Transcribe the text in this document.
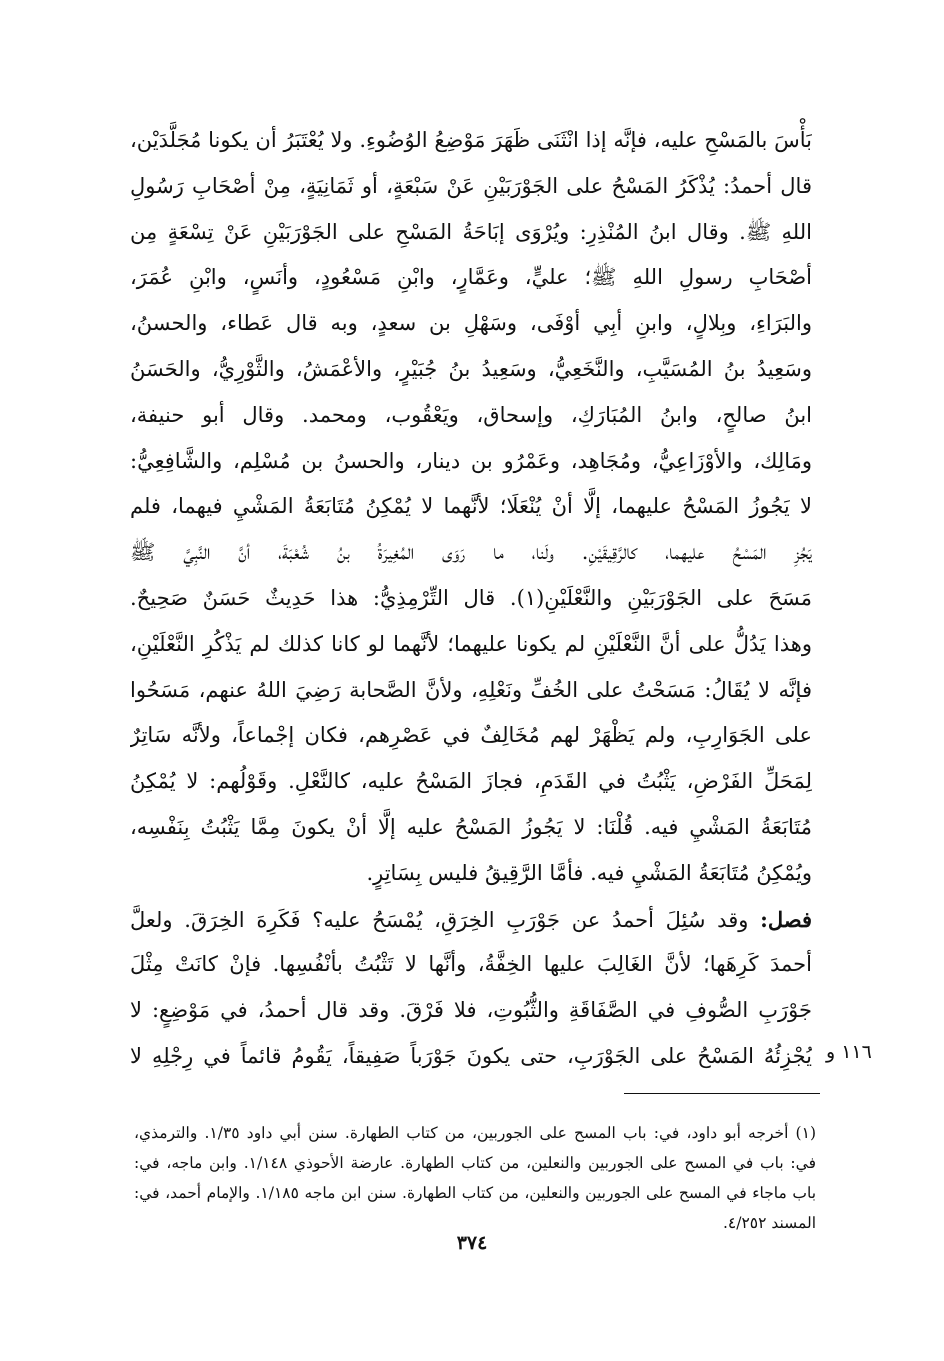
بَأْسَ بالمَسْحِ عليه، فإنَّه إذا انْثَنَى ظَهَرَ مَوْضِعُ الوُضُوءِ. ولا يُعْتَبَرُ أن يكونا مُجَلَّدَيْن،
قال أحمدُ: يُذْكَرُ المَسْحُ على الجَوْرَبَيْنِ عَنْ سَبْعَةٍ، أو ثَمَانِيَةٍ، مِنْ أصْحَابِ رَسُولِ
اللهِ ﷺ. وقال ابنُ المُنْذِرِ: ويُرْوَى إبَاحَةُ المَسْحِ على الجَوْرَبَيْنِ عَنْ تِسْعَةٍ مِن
أصْحَابِ رسولِ اللهِ ﷺ؛ عليٍّ، وعَمَّارٍ، وابْنِ مَسْعُودٍ، وأنَسٍ، وابْنِ عُمَرَ،
والبَرَاءِ، وبِلالٍ، وابنِ أبِي أوْفَى، وسَهْلِ بن سعدٍ، وبه قال عَطاء، والحسنُ،
وسَعِيدُ بنُ المُسَيَّبِ، والنَّخَعِيُّ، وسَعِيدُ بنُ جُبَيْرٍ، والأعْمَشُ، والثَّوْرِيُّ، والحَسَنُ
ابنُ صالحٍ، وابنُ المُبَارَكِ، وإسحاق، ويَعْقُوب، ومحمد. وقال أبو حنيفة،
ومَالِك، والأوْزَاعِيُّ، ومُجَاهِد، وعَمْرُو بن دينار، والحسنُ بن مُسْلِم، والشَّافِعِيُّ:
لا يَجُوزُ المَسْحُ عليهما، إلَّا أنْ يُنْعَلَا؛ لأنَّهما لا يُمْكِنُ مُتَابَعَةُ المَشْيِ فيهما، فلم
يَجُزِ المَسْحُ عليهما، كالرَّقِيقَيْنِ. ولَنا، ما رَوَى المُغِيرَةُ بنُ شُعْبَةَ، أنَّ النَّبِيَّ ﷺ
مَسَحَ على الجَوْرَبَيْنِ والنَّعْلَيْنِ(١). قال التِّرْمِذِيُّ: هذا حَدِيثٌ حَسَنٌ صَحِيحٌ.
وهذا يَدُلُّ على أنَّ النَّعْلَيْنِ لم يكونا عليهما؛ لأنَّهما لو كانا كذلك لم يَذْكُرِ النَّعْلَيْنِ،
فإنَّه لا يُقَالُ: مَسَحْتُ على الخُفِّ ونَعْلِهِ، ولأنَّ الصَّحابة رَضِيَ اللهُ عنهم، مَسَحُوا
على الجَوَارِبِ، ولم يَظْهَرْ لهم مُخَالِفٌ في عَصْرِهم، فكان إجْماعاً، ولأنَّه سَاتِرٌ
لِمَحَلِّ الفَرْضِ، يَثْبُتُ في القَدَمِ، فجازَ المَسْحُ عليه، كالنَّعْلِ. وقَوْلُهم: لا يُمْكِنُ
مُتَابَعَةُ المَشْيِ فيه. قُلْنَا: لا يَجُوزُ المَسْحُ عليه إلَّا أنْ يكونَ مِمَّا يَثْبُتُ بِنَفْسِه،
ويُمْكِنُ مُتَابَعَةُ المَشْيِ فيه. فأمَّا الرَّقِيقُ فليس بِسَاتِرٍ.
فصل: وقد سُئِلَ أحمدُ عن جَوْرَبِ الخِرَقِ، يُمْسَحُ عليه؟ فَكَرِهَ الخِرَقَ. ولعلَّ
أحمدَ كَرِهَها؛ لأنَّ الغَالِبَ عليها الخِفَّةُ، وأنَّها لا تَثْبُتُ بأنْفُسِها. فإنْ كانَتْ مِثْلَ
جَوْرَبِ الصُّوفِ في الصَّفَاقَةِ والثُّبُوتِ، فلا فَرْقَ. وقد قال أحمدُ، في مَوْضِعٍ: لا
يُجْزِئُهُ المَسْحُ على الجَوْرَبِ، حتى يكونَ جَوْرَباً صَفِيقاً، يَقُومُ قائماً في رِجْلِهِ لا ١١٦ و
(١) أخرجه أبو داود، في: باب المسح على الجوربين، من كتاب الطهارة. سنن أبي داود ١/٣٥. والترمذي،
في: باب في المسح على الجوربين والنعلين، من كتاب الطهارة. عارضة الأحوذي ١/١٤٨. وابن ماجه، في:
باب ماجاء في المسح على الجوربين والنعلين، من كتاب الطهارة. سنن ابن ماجه ١/١٨٥. والإمام أحمد، في:
المسند ٤/٢٥٢.
٣٧٤
